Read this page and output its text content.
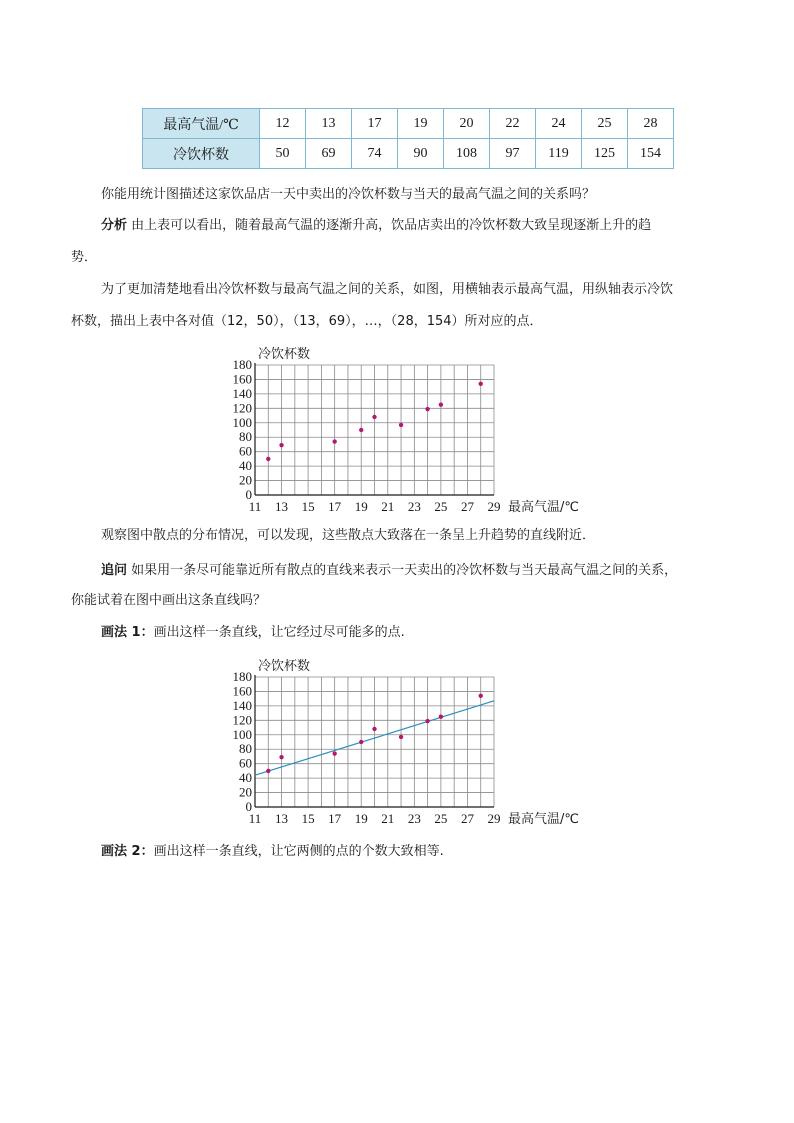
最高气温/℃	12	13	17	19	20	22	24	25	28
冷饮杯数	50	69	74	90	108	97	119	125	154
你能用统计图描述这家饮品店一天中卖出的冷饮杯数与当天的最高气温之间的关系吗？
分析 由上表可以看出，随着最高气温的逐渐升高，饮品店卖出的冷饮杯数大致呈现逐渐上升的趋
势．
为了更加清楚地看出冷饮杯数与最高气温之间的关系，如图，用横轴表示最高气温，用纵轴表示冷饮
杯数，描出上表中各对值（12，50），（13，69），…，（28，154）所对应的点．
0
20
40
60
80
100
120
140
160
180
11 13 15 17 19 21 23 25 27 29
冷饮杯数
最高气温/℃
观察图中散点的分布情况，可以发现，这些散点大致落在一条呈上升趋势的直线附近．
追问 如果用一条尽可能靠近所有散点的直线来表示一天卖出的冷饮杯数与当天最高气温之间的关系，
你能试着在图中画出这条直线吗？
画法 1：画出这样一条直线，让它经过尽可能多的点.
0
20
40
60
80
100
120
140
160
180
11 13 15 17 19 21 23 25 27 29
冷饮杯数
最高气温/℃
画法 2：画出这样一条直线，让它两侧的点的个数大致相等.
